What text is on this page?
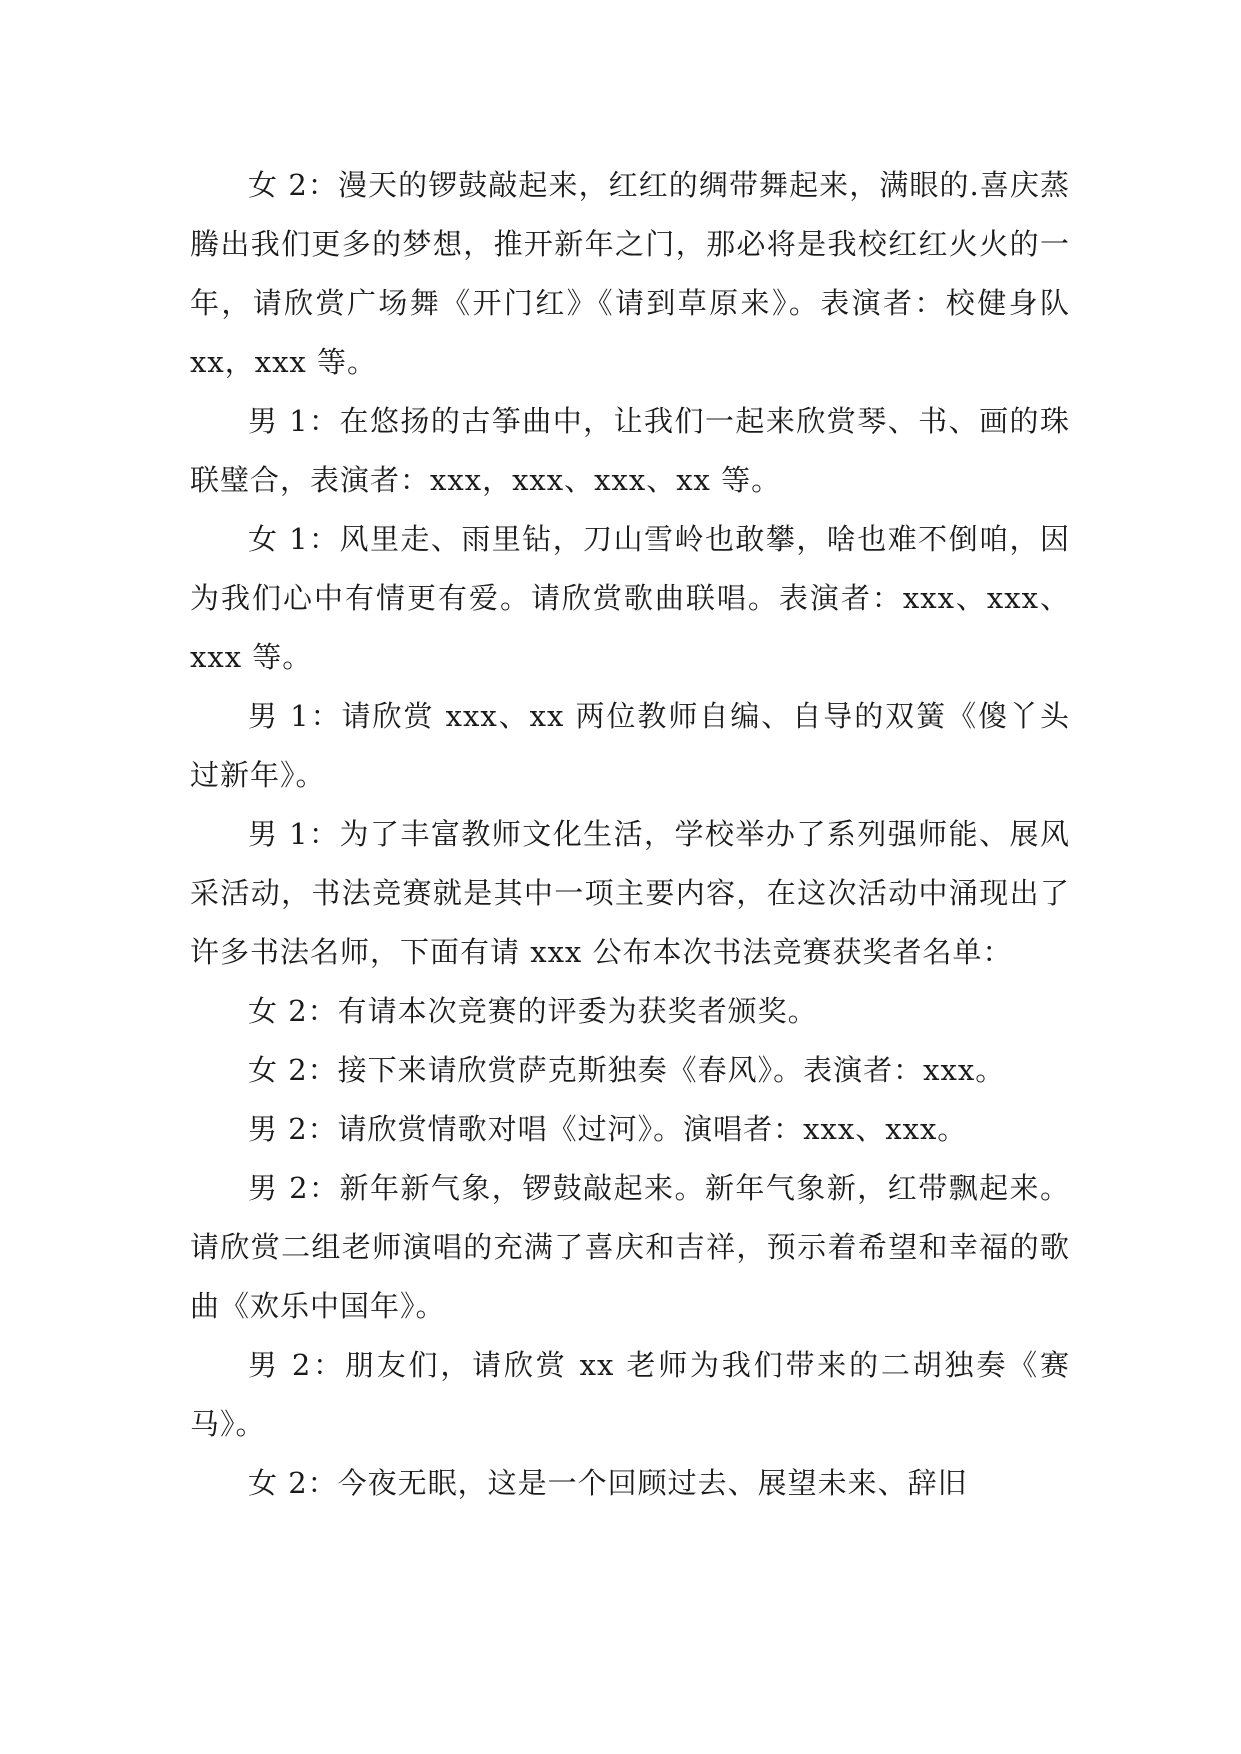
女 2：漫天的锣鼓敲起来，红红的绸带舞起来，满眼的.喜庆蒸腾出我们更多的梦想，推开新年之门，那必将是我校红红火火的一年，请欣赏广场舞《开门红》《请到草原来》。表演者：校健身队 xx，xxx 等。

男 1：在悠扬的古筝曲中，让我们一起来欣赏琴、书、画的珠联璧合，表演者：xxx，xxx、xxx、xx 等。

女 1：风里走、雨里钻，刀山雪岭也敢攀，啥也难不倒咱，因为我们心中有情更有爱。请欣赏歌曲联唱。表演者：xxx、xxx、xxx 等。

男 1：请欣赏 xxx、xx 两位教师自编、自导的双簧《傻丫头过新年》。

男 1：为了丰富教师文化生活，学校举办了系列强师能、展风采活动，书法竞赛就是其中一项主要内容，在这次活动中涌现出了许多书法名师，下面有请 xxx 公布本次书法竞赛获奖者名单：

女 2：有请本次竞赛的评委为获奖者颁奖。

女 2：接下来请欣赏萨克斯独奏《春风》。表演者：xxx。

男 2：请欣赏情歌对唱《过河》。演唱者：xxx、xxx。

男 2：新年新气象，锣鼓敲起来。新年气象新，红带飘起来。请欣赏二组老师演唱的充满了喜庆和吉祥，预示着希望和幸福的歌曲《欢乐中国年》。

男 2：朋友们，请欣赏 xx 老师为我们带来的二胡独奏《赛马》。

女 2：今夜无眠，这是一个回顾过去、展望未来、辞旧
